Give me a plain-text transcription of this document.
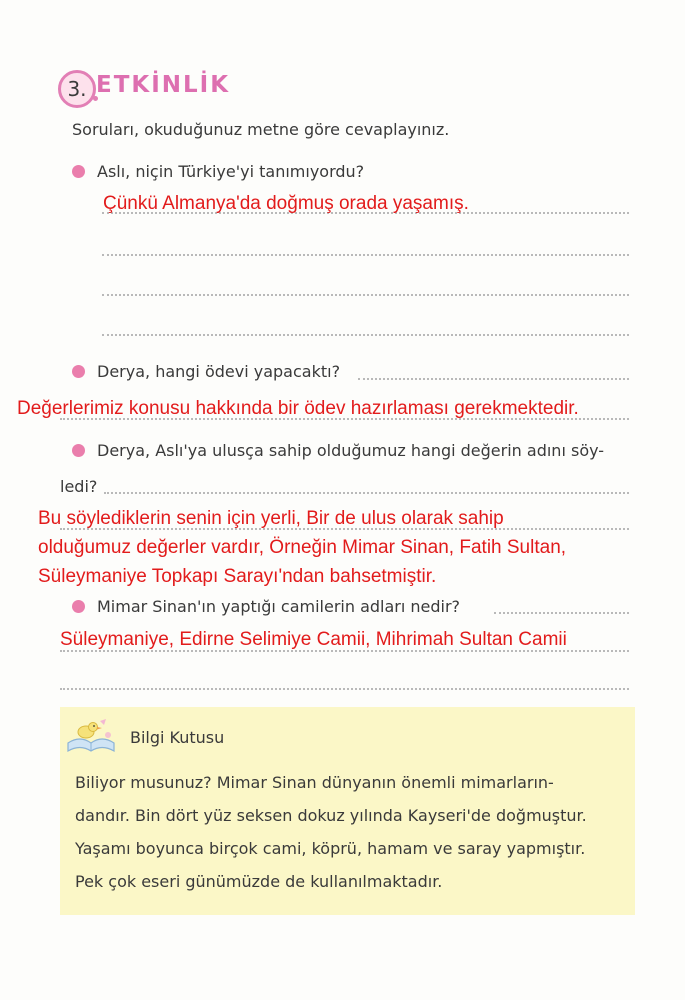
3. ETKİNLİK
Soruları, okuduğunuz metne göre cevaplayınız.
Aslı, niçin Türkiye'yi tanımıyordu?
Çünkü Almanya'da doğmuş orada yaşamış.
Derya, hangi ödevi yapacaktı?
Değerlerimiz konusu hakkında bir ödev hazırlaması gerekmektedir.
Derya, Aslı'ya ulusça sahip olduğumuz hangi değerin adını söy-
ledi?
Bu söylediklerin senin için yerli, Bir de ulus olarak sahip
olduğumuz değerler vardır, Örneğin Mimar Sinan, Fatih Sultan,
Süleymaniye Topkapı Sarayı'ndan bahsetmiştir.
Mimar Sinan'ın yaptığı camilerin adları nedir?
Süleymaniye, Edirne Selimiye Camii, Mihrimah Sultan Camii
Bilgi Kutusu
Biliyor musunuz? Mimar Sinan dünyanın önemli mimarların-
dandır. Bin dört yüz seksen dokuz yılında Kayseri'de doğmuştur.
Yaşamı boyunca birçok cami, köprü, hamam ve saray yapmıştır.
Pek çok eseri günümüzde de kullanılmaktadır.
